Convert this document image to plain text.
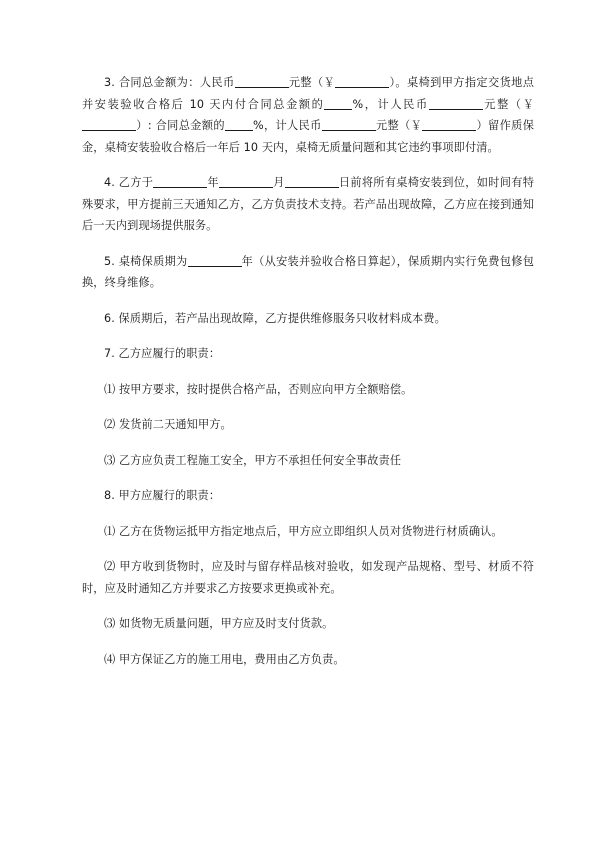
3. 合同总金额为：人民币	元整（￥	）。桌椅到甲方指定交货地点并安装验收合格后 10 天内付合同总金额的	%，计人民币	元整（￥）: 合同总金额的	%，计人民币	元整（￥	）留作质保金，桌椅安装验收合格后一年后 10 天内，桌椅无质量问题和其它违约事项即付清。

4. 乙方于	年	月	日前将所有桌椅安装到位，如时间有特殊要求，甲方提前三天通知乙方，乙方负责技术支持。若产品出现故障，乙方应在接到通知后一天内到现场提供服务。

5. 桌椅保质期为	年（从安装并验收合格日算起），保质期内实行免费包修包换，终身维修。

6. 保质期后，若产品出现故障，乙方提供维修服务只收材料成本费。

7. 乙方应履行的职责：

⑴ 按甲方要求，按时提供合格产品，否则应向甲方全额赔偿。

⑵ 发货前二天通知甲方。

⑶ 乙方应负责工程施工安全，甲方不承担任何安全事故责任

8. 甲方应履行的职责：

⑴ 乙方在货物运抵甲方指定地点后，甲方应立即组织人员对货物进行材质确认。

⑵ 甲方收到货物时，应及时与留存样品核对验收，如发现产品规格、型号、材质不符时，应及时通知乙方并要求乙方按要求更换或补充。

⑶ 如货物无质量问题，甲方应及时支付货款。

⑷ 甲方保证乙方的施工用电，费用由乙方负责。
